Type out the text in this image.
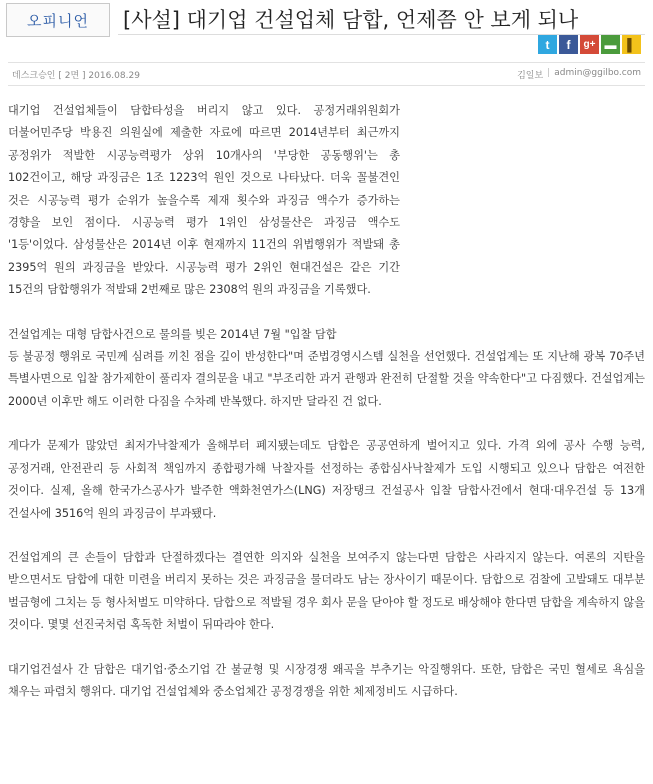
오피니언	[사설] 대기업 건설업체 담합, 언제쯤 안 보게 되나
t	f	g+ ▬ ▌
데스크승인 [ 2면 ] 2016.08.29	김일보 | admin@ggilbo.com

대기업 건설업체들이 담합타성을 버리지 않고 있다. 공정거래위원회가 더불어민주당 박용진 의원실에 제출한 자료에 따르면 2014년부터 최근까지 공정위가 적발한 시공능력평가 상위 10개사의 '부당한 공동행위'는 총 102건이고, 해당 과징금은 1조 1223억 원인 것으로 나타났다. 더욱 꼴불견인 것은 시공능력 평가 순위가 높을수록 제재 횟수와 과징금 액수가 증가하는 경향을 보인 점이다. 시공능력 평가 1위인 삼성물산은 과징금 액수도 '1등'이었다. 삼성물산은 2014년 이후 현재까지 11건의 위법행위가 적발돼 총 2395억 원의 과징금을 받았다. 시공능력 평가 2위인 현대건설은 같은 기간 15건의 담합행위가 적발돼 2번째로 많은 2308억 원의 과징금을 기록했다.

건설업계는 대형 담합사건으로 물의를 빚은 2014년 7월 "입찰 담합
등 불공정 행위로 국민께 심려를 끼친 점을 깊이 반성한다"며 준법경영시스템 실천을 선언했다. 건설업계는 또 지난해 광복 70주년 특별사면으로 입찰 참가제한이 풀리자 결의문을 내고 "부조리한 과거 관행과 완전히 단절할 것을 약속한다"고 다짐했다. 건설업계는 2000년 이후만 해도 이러한 다짐을 수차례 반복했다. 하지만 달라진 건 없다.

게다가 문제가 많았던 최저가낙찰제가 올해부터 폐지됐는데도 담합은 공공연하게 벌어지고 있다. 가격 외에 공사 수행 능력, 공정거래, 안전관리 등 사회적 책임까지 종합평가해 낙찰자를 선정하는 종합심사낙찰제가 도입 시행되고 있으나 담합은 여전한 것이다. 실제, 올해 한국가스공사가 발주한 액화천연가스(LNG) 저장탱크 건설공사 입찰 담합사건에서 현대·대우건설 등 13개 건설사에 3516억 원의 과징금이 부과됐다.

건설업계의 큰 손들이 담합과 단절하겠다는 결연한 의지와 실천을 보여주지 않는다면 담합은 사라지지 않는다. 여론의 지탄을 받으면서도 담합에 대한 미련을 버리지 못하는 것은 과징금을 물더라도 남는 장사이기 때문이다. 담합으로 검찰에 고발돼도 대부분 벌금형에 그치는 등 형사처벌도 미약하다. 담합으로 적발될 경우 회사 문을 닫아야 할 정도로 배상해야 한다면 담합을 계속하지 않을 것이다. 몇몇 선진국처럼 혹독한 처벌이 뒤따라야 한다.

대기업건설사 간 담합은 대기업·중소기업 간 불균형 및 시장경쟁 왜곡을 부추기는 악질행위다. 또한, 담합은 국민 혈세로 욕심을 채우는 파렴치 행위다. 대기업 건설업체와 중소업체간 공정경쟁을 위한 체제정비도 시급하다.
